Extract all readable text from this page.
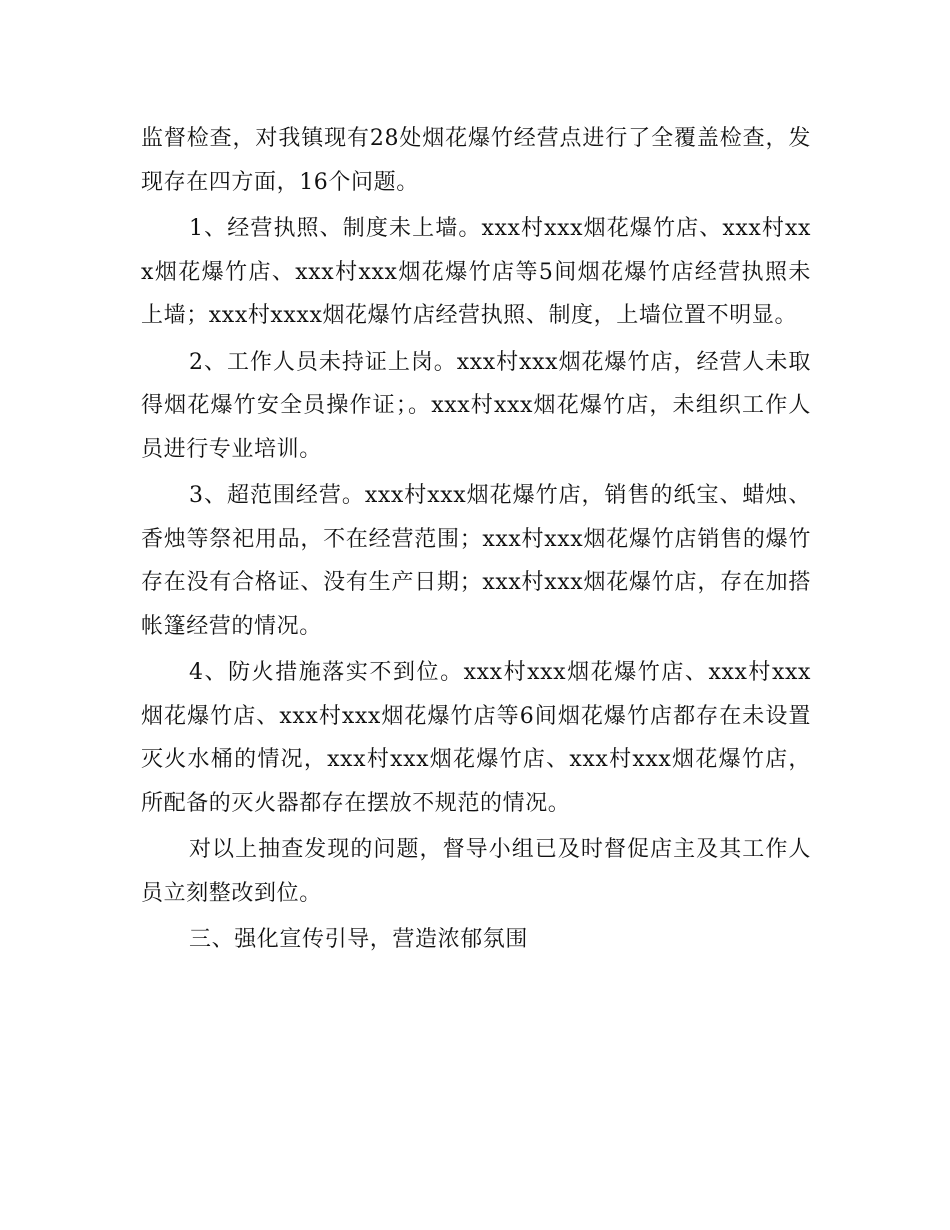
监督检查，对我镇现有28处烟花爆竹经营点进行了全覆盖检查，发现存在四方面，16个问题。

1、经营执照、制度未上墙。xxx村xxx烟花爆竹店、xxx村xxx烟花爆竹店、xxx村xxx烟花爆竹店等5间烟花爆竹店经营执照未上墙；xxx村xxxx烟花爆竹店经营执照、制度，上墙位置不明显。

2、工作人员未持证上岗。xxx村xxx烟花爆竹店，经营人未取得烟花爆竹安全员操作证；。xxx村xxx烟花爆竹店，未组织工作人员进行专业培训。

3、超范围经营。xxx村xxx烟花爆竹店，销售的纸宝、蜡烛、香烛等祭祀用品，不在经营范围；xxx村xxx烟花爆竹店销售的爆竹存在没有合格证、没有生产日期；xxx村xxx烟花爆竹店，存在加搭帐篷经营的情况。

4、防火措施落实不到位。xxx村xxx烟花爆竹店、xxx村xxx烟花爆竹店、xxx村xxx烟花爆竹店等6间烟花爆竹店都存在未设置灭火水桶的情况，xxx村xxx烟花爆竹店、xxx村xxx烟花爆竹店，所配备的灭火器都存在摆放不规范的情况。

对以上抽查发现的问题，督导小组已及时督促店主及其工作人员立刻整改到位。

三、强化宣传引导，营造浓郁氛围
